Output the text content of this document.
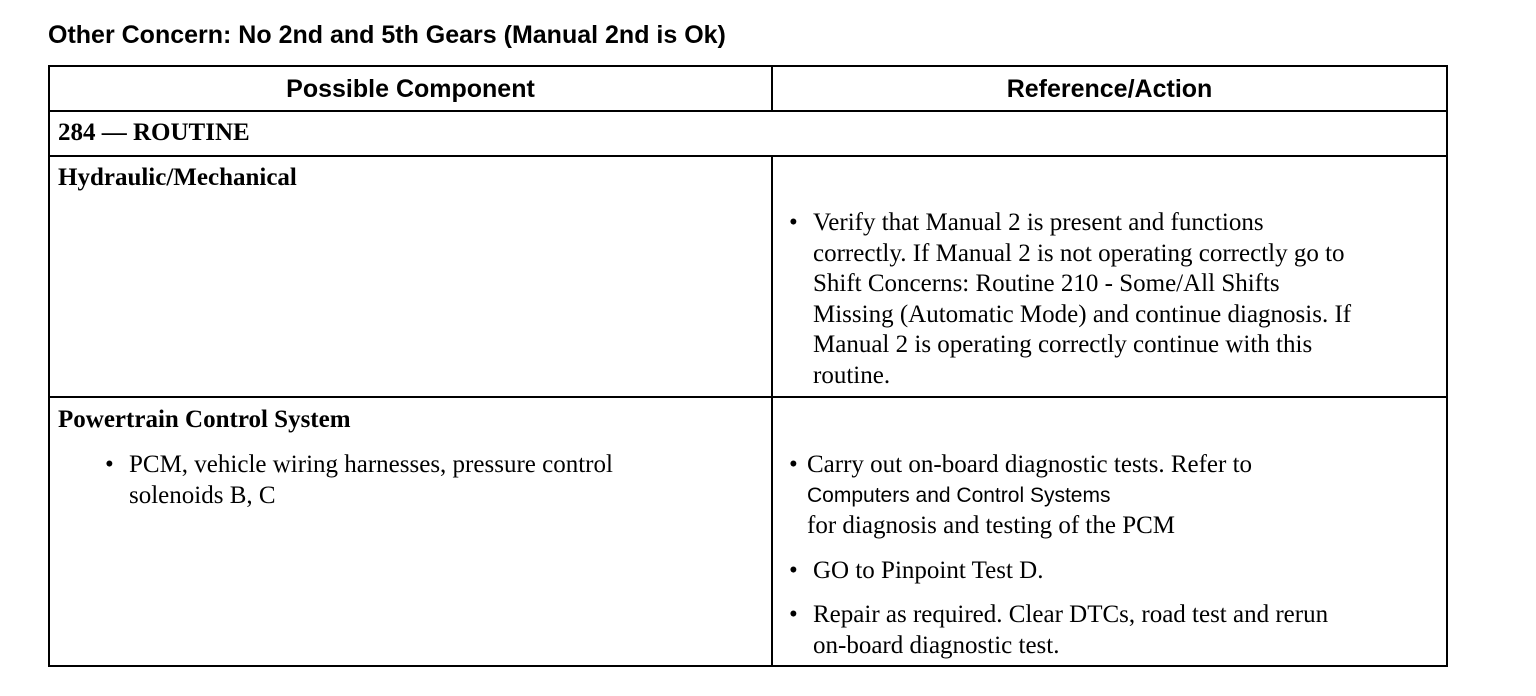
Other Concern: No 2nd and 5th Gears (Manual 2nd is Ok)
Possible Component	Reference/Action
284 — ROUTINE
Hydraulic/Mechanical
• Verify that Manual 2 is present and functions
correctly. If Manual 2 is not operating correctly go to
Shift Concerns: Routine 210 - Some/All Shifts
Missing (Automatic Mode) and continue diagnosis. If
Manual 2 is operating correctly continue with this
routine.
Powertrain Control System
• PCM, vehicle wiring harnesses, pressure control
solenoids B, C
• Carry out on-board diagnostic tests. Refer to
Computers and Control Systems
for diagnosis and testing of the PCM
• GO to Pinpoint Test D.
• Repair as required. Clear DTCs, road test and rerun
on-board diagnostic test.
